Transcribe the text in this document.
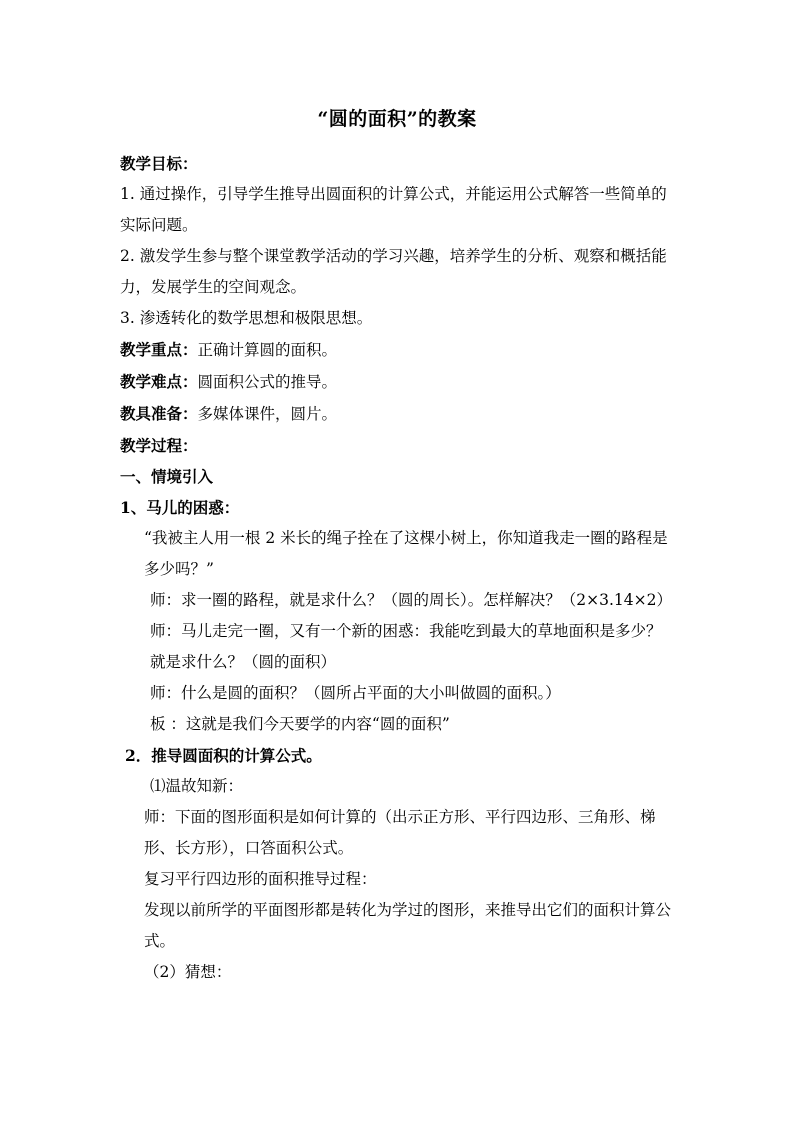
“圆的面积”的教案

教学目标：

1. 通过操作，引导学生推导出圆面积的计算公式，并能运用公式解答一些简单的实际问题。

2. 激发学生参与整个课堂教学活动的学习兴趣，培养学生的分析、观察和概括能力，发展学生的空间观念。

3. 渗透转化的数学思想和极限思想。

教学重点：正确计算圆的面积。

教学难点：圆面积公式的推导。

教具准备：多媒体课件，圆片。

教学过程：

一、情境引入

1、马儿的困惑：

“我被主人用一根 2 米长的绳子拴在了这棵小树上，你知道我走一圈的路程是多少吗？”

师：求一圈的路程，就是求什么？（圆的周长）。怎样解决？（2×3.14×2）

师：马儿走完一圈，又有一个新的困惑：我能吃到最大的草地面积是多少？就是求什么？（圆的面积）

师：什么是圆的面积？（圆所占平面的大小叫做圆的面积。）

板 ：这就是我们今天要学的内容“圆的面积”

2．推导圆面积的计算公式。

⑴温故知新：

师：下面的图形面积是如何计算的（出示正方形、平行四边形、三角形、梯形、长方形），口答面积公式。

复习平行四边形的面积推导过程：

发现以前所学的平面图形都是转化为学过的图形，来推导出它们的面积计算公式。

（2）猜想：
